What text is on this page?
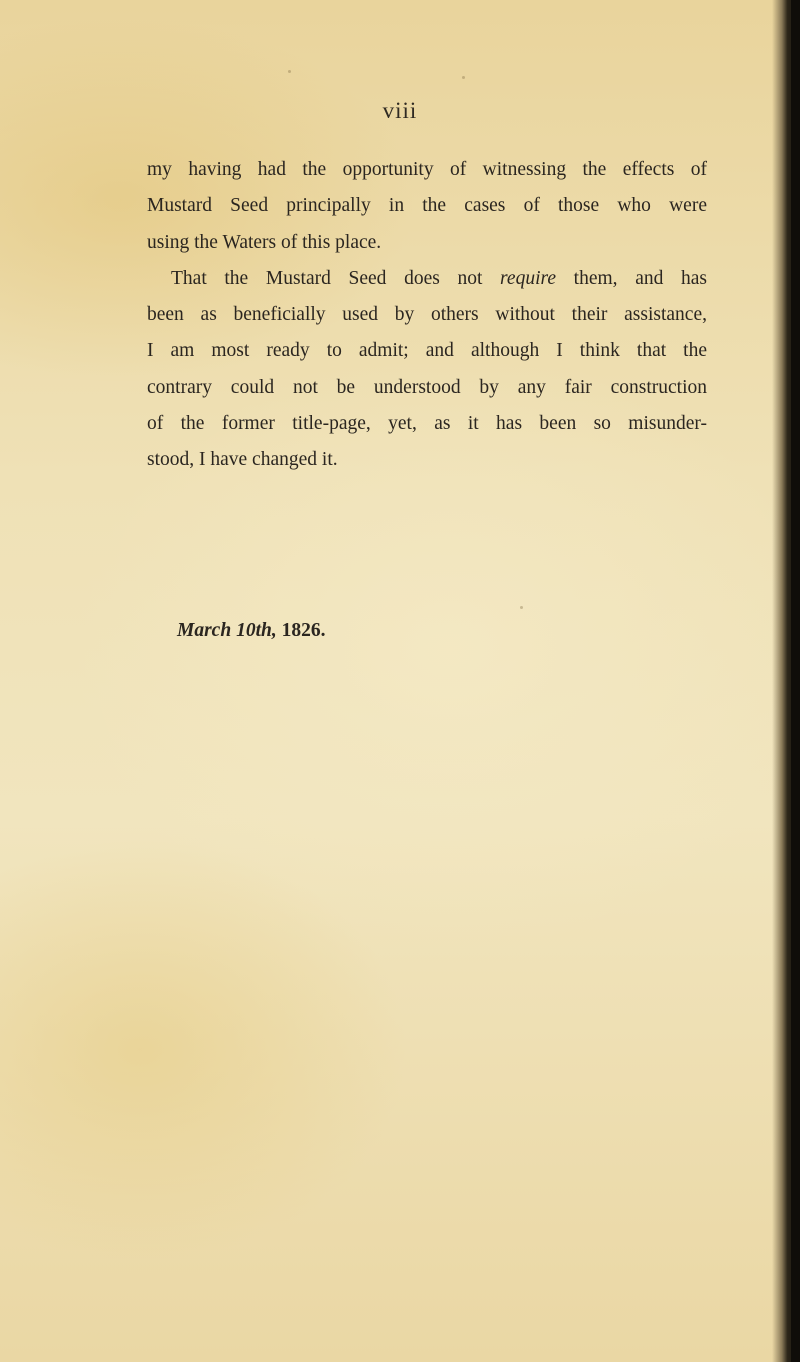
viii
my having had the opportunity of witnessing the effects of
Mustard Seed principally in the cases of those who were
using the Waters of this place.
That the Mustard Seed does not require them, and has
been as beneficially used by others without their assistance,
I am most ready to admit; and although I think that the
contrary could not be understood by any fair construction
of the former title-page, yet, as it has been so misunder-
stood, I have changed it.
March 10th, 1826.
